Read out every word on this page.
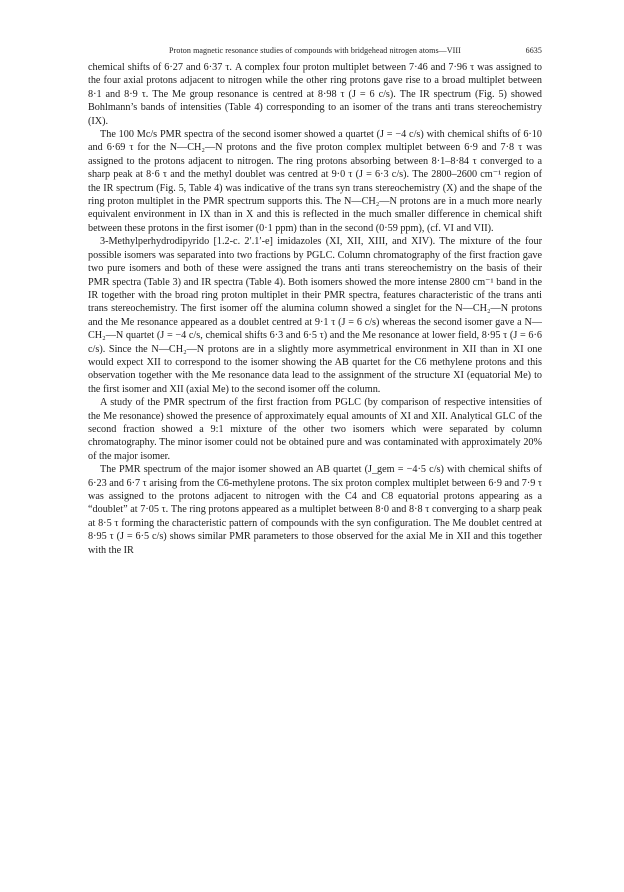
Proton magnetic resonance studies of compounds with bridgehead nitrogen atoms—VIII	6635

chemical shifts of 6·27 and 6·37 τ. A complex four proton multiplet between 7·46 and 7·96 τ was assigned to the four axial protons adjacent to nitrogen while the other ring protons gave rise to a broad multiplet between 8·1 and 8·9 τ. The Me group resonance is centred at 8·98 τ (J = 6 c/s). The IR spectrum (Fig. 5) showed Bohlmann’s bands of intensities (Table 4) corresponding to an isomer of the trans anti trans stereochemistry (IX).

The 100 Mc/s PMR spectra of the second isomer showed a quartet (J = −4 c/s) with chemical shifts of 6·10 and 6·69 τ for the N—CH₂—N protons and the five proton complex multiplet between 6·9 and 7·8 τ was assigned to the protons adjacent to nitrogen. The ring protons absorbing between 8·1–8·84 τ converged to a sharp peak at 8·6 τ and the methyl doublet was centred at 9·0 τ (J = 6·3 c/s). The 2800–2600 cm⁻¹ region of the IR spectrum (Fig. 5, Table 4) was indicative of the trans syn trans stereochemistry (X) and the shape of the ring proton multiplet in the PMR spectrum supports this. The N—CH₂—N protons are in a much more nearly equivalent environment in IX than in X and this is reflected in the much smaller difference in chemical shift between these protons in the first isomer (0·1 ppm) than in the second (0·59 ppm), (cf. VI and VII).

3-Methylperhydrodipyrido [1.2-c. 2′.1′-e] imidazoles (XI, XII, XIII, and XIV). The mixture of the four possible isomers was separated into two fractions by PGLC. Column chromatography of the first fraction gave two pure isomers and both of these were assigned the trans anti trans stereochemistry on the basis of their PMR spectra (Table 3) and IR spectra (Table 4). Both isomers showed the more intense 2800 cm⁻¹ band in the IR together with the broad ring proton multiplet in their PMR spectra, features characteristic of the trans anti trans stereochemistry. The first isomer off the alumina column showed a singlet for the N—CH₂—N protons and the Me resonance appeared as a doublet centred at 9·1 τ (J = 6 c/s) whereas the second isomer gave a N—CH₂—N quartet (J = −4 c/s, chemical shifts 6·3 and 6·5 τ) and the Me resonance at lower field, 8·95 τ (J = 6·6 c/s). Since the N—CH₂—N protons are in a slightly more asymmetrical environment in XII than in XI one would expect XII to correspond to the isomer showing the AB quartet for the C6 methylene protons and this observation together with the Me resonance data lead to the assignment of the structure XI (equatorial Me) to the first isomer and XII (axial Me) to the second isomer off the column.

A study of the PMR spectrum of the first fraction from PGLC (by comparison of respective intensities of the Me resonance) showed the presence of approximately equal amounts of XI and XII. Analytical GLC of the second fraction showed a 9:1 mixture of the other two isomers which were separated by column chromatography. The minor isomer could not be obtained pure and was contaminated with approximately 20% of the major isomer.

The PMR spectrum of the major isomer showed an AB quartet (J_gem = −4·5 c/s) with chemical shifts of 6·23 and 6·7 τ arising from the C6-methylene protons. The six proton complex multiplet between 6·9 and 7·9 τ was assigned to the protons adjacent to nitrogen with the C4 and C8 equatorial protons appearing as a “doublet” at 7·05 τ. The ring protons appeared as a multiplet between 8·0 and 8·8 τ converging to a sharp peak at 8·5 τ forming the characteristic pattern of compounds with the syn configuration. The Me doublet centred at 8·95 τ (J = 6·5 c/s) shows similar PMR parameters to those observed for the axial Me in XII and this together with the IR
